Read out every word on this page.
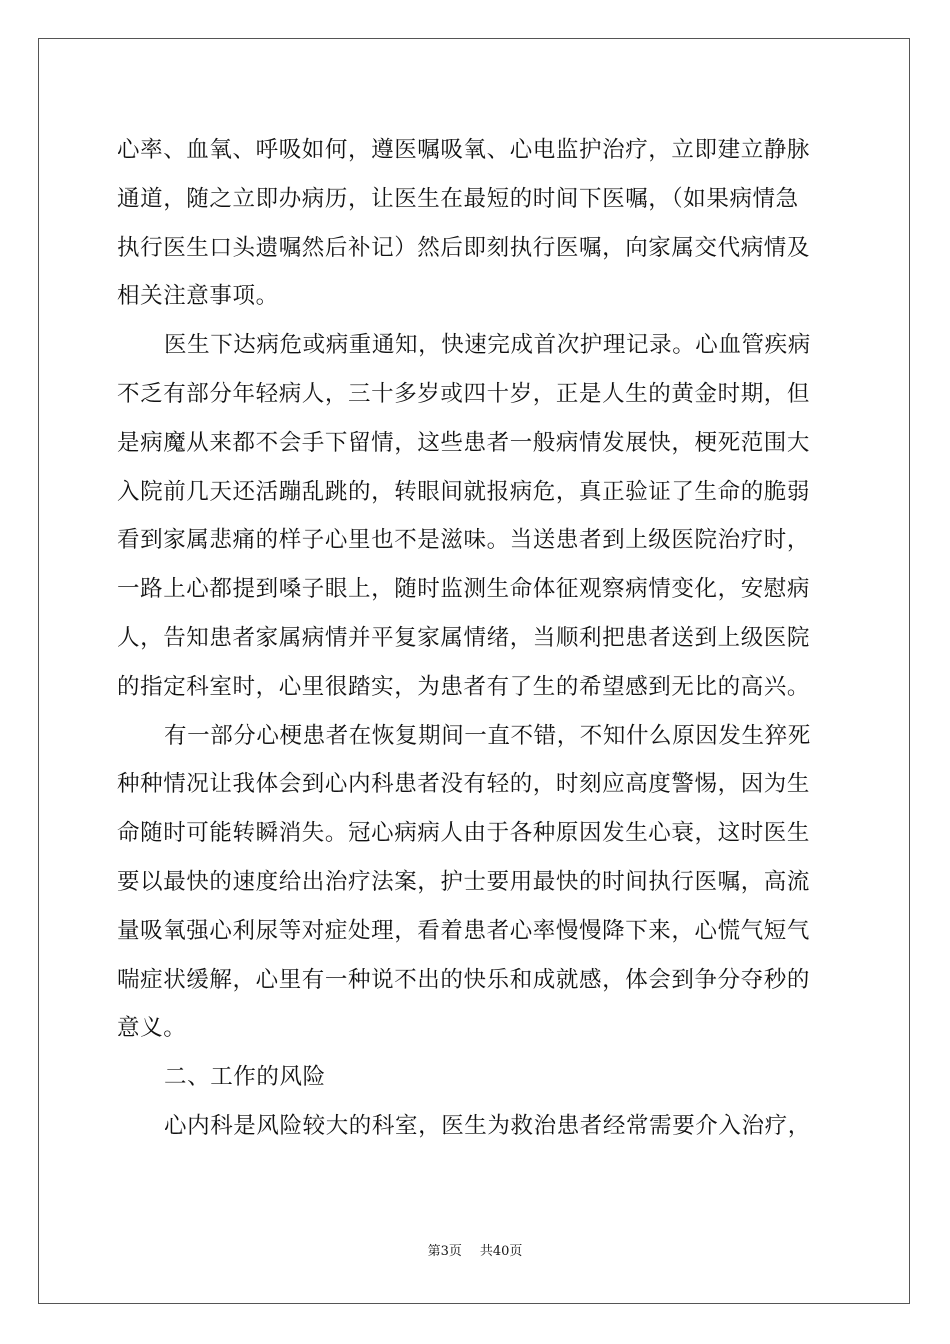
心率、血氧、呼吸如何，遵医嘱吸氧、心电监护治疗，立即建立静脉
通道，随之立即办病历，让医生在最短的时间下医嘱，（如果病情急
执行医生口头遗嘱然后补记）然后即刻执行医嘱，向家属交代病情及
相关注意事项。
医生下达病危或病重通知，快速完成首次护理记录。心血管疾病
不乏有部分年轻病人，三十多岁或四十岁，正是人生的黄金时期，但
是病魔从来都不会手下留情，这些患者一般病情发展快，梗死范围大
入院前几天还活蹦乱跳的，转眼间就报病危，真正验证了生命的脆弱
看到家属悲痛的样子心里也不是滋味。当送患者到上级医院治疗时，
一路上心都提到嗓子眼上，随时监测生命体征观察病情变化，安慰病
人，告知患者家属病情并平复家属情绪，当顺利把患者送到上级医院
的指定科室时，心里很踏实，为患者有了生的希望感到无比的高兴。
有一部分心梗患者在恢复期间一直不错，不知什么原因发生猝死
种种情况让我体会到心内科患者没有轻的，时刻应高度警惕，因为生
命随时可能转瞬消失。冠心病病人由于各种原因发生心衰，这时医生
要以最快的速度给出治疗法案，护士要用最快的时间执行医嘱，高流
量吸氧强心利尿等对症处理，看着患者心率慢慢降下来，心慌气短气
喘症状缓解，心里有一种说不出的快乐和成就感，体会到争分夺秒的
意义。
二、工作的风险
心内科是风险较大的科室，医生为救治患者经常需要介入治疗，
第3页 共40页
